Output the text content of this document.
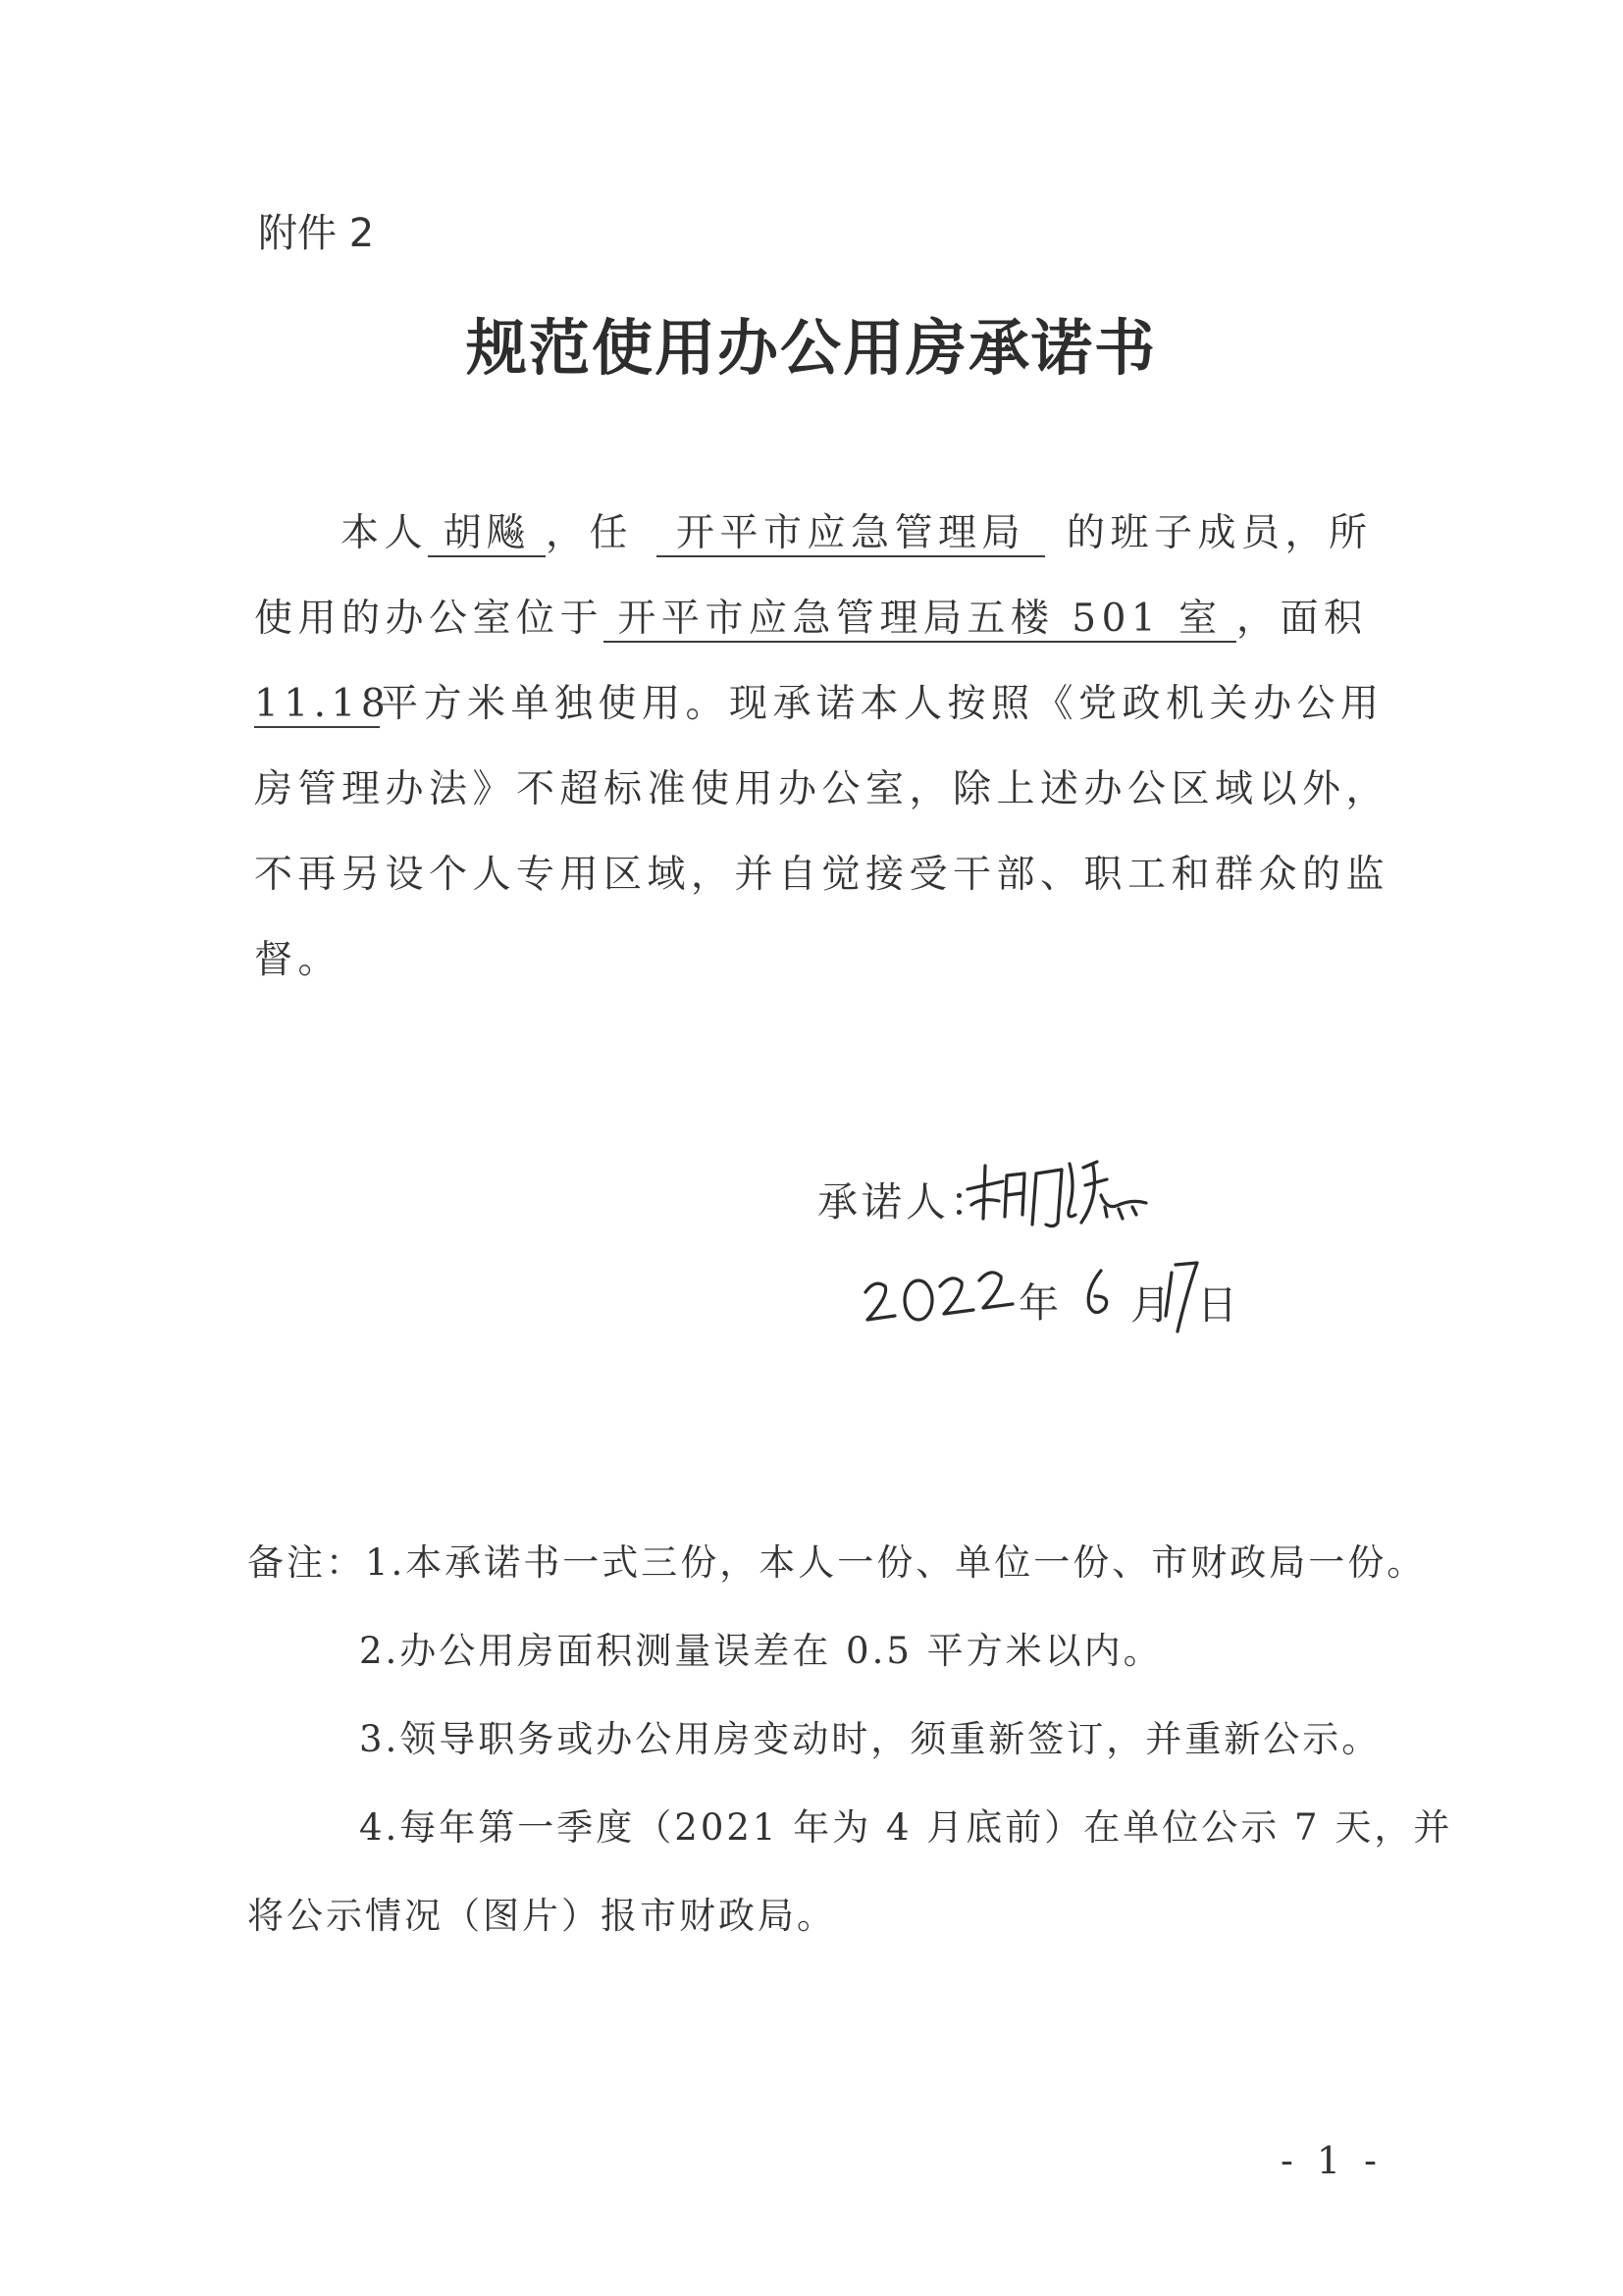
附件 2
规范使用办公用房承诺书
本人 胡飚 ，任 开平市应急管理局 的班子成员，所
使用的办公室位于 开平市应急管理局五楼 501 室 ，面积
11.18平方米单独使用。现承诺本人按照《党政机关办公用
房管理办法》不超标准使用办公室，除上述办公区域以外，
不再另设个人专用区域，并自觉接受干部、职工和群众的监
督。
承诺人：
年 月 日
备注：1.本承诺书一式三份，本人一份、单位一份、市财政局一份。
2.办公用房面积测量误差在 0.5 平方米以内。
3.领导职务或办公用房变动时，须重新签订，并重新公示。
4.每年第一季度（2021 年为 4 月底前）在单位公示 7 天，并
将公示情况（图片）报市财政局。
- 1 -
